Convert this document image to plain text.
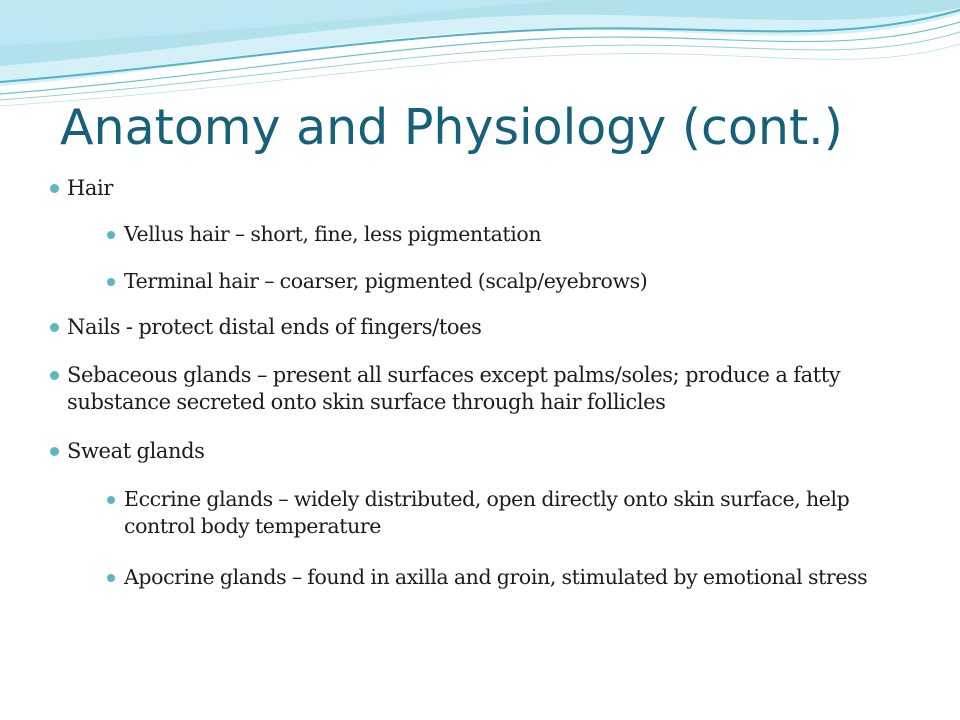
Anatomy and Physiology (cont.)
Hair
Vellus hair – short, fine, less pigmentation
Terminal hair – coarser, pigmented (scalp/eyebrows)
Nails - protect distal ends of fingers/toes
Sebaceous glands – present all surfaces except palms/soles; produce a fatty substance secreted onto skin surface through hair follicles
Sweat glands
Eccrine glands – widely distributed, open directly onto skin surface, help control body temperature
Apocrine glands – found in axilla and groin, stimulated by emotional stress
